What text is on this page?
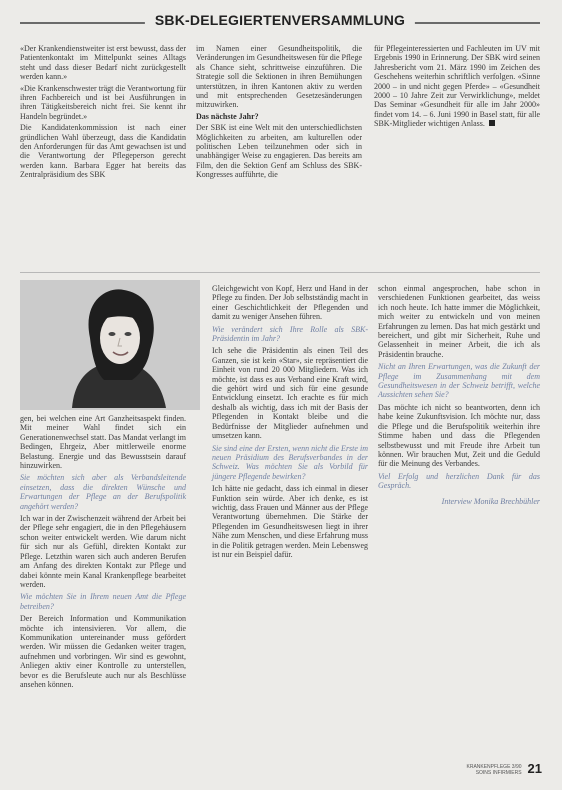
SBK-DELEGIERTENVERSAMMLUNG

«Der Krankendienstweiter ist erst bewusst, dass der Patientenkontakt im Mittelpunkt seines Alltags steht und dass dieser Bedarf nicht zurückgestellt werden kann.»

«Die Krankenschwester trägt die Verantwortung für ihren Fachbereich und ist bei Ausführungen in ihren Tätigkeitsbereich nicht frei. Sie kennt ihr Handeln begründet.»

Die Kandidatenkommission ist nach einer gründlichen Wahl überzeugt, dass die Kandidatin den Anforderungen für das Amt gewachsen ist und die Verantwortung der Pflegeperson gerecht werden kann. Barbara Egger hat bereits das Zentralpräsidium des SBK

im Namen einer Gesundheitspolitik, die Veränderungen im Gesundheitswesen für die Pflege als Chance sieht, schrittweise einzuführen. Die Strategie soll die Sektionen in ihren Bemühungen unterstützen, in ihren Kantonen aktiv zu werden und mit entsprechenden Gesetzesänderungen mitzuwirken.

Das nächste Jahr?

Der SBK ist eine Welt mit den unterschiedlichsten Möglichkeiten zu arbeiten, am kulturellen oder politischen Leben teilzunehmen oder sich in unabhängiger Weise zu engagieren. Das bereits am Film, den die Sektion Genf am Schluss des SBK-Kongresses aufführte, die

für Pflegeinteressierten und Fachleuten im UV mit Ergebnis 1990 in Erinnerung. Der SBK wird seinen Jahresbericht vom 21. März 1990 im Zeichen des Geschehens weiterhin schriftlich verfolgen. «Sinne 2000 – in und nicht gegen Pferde» – «Gesundheit 2000 – 10 Jahre Zeit zur Verwirklichung», meldet Das Seminar «Gesundheit für alle im Jahr 2000» findet vom 14. – 6. Juni 1990 in Basel statt, für alle SBK-Mitglieder wichtigen Anlass.

gen, bei welchen eine Art Ganzheitsaspekt finden. Mit meiner Wahl findet sich ein Generationenwechsel statt. Das Mandat verlangt im Bedingen, Ehrgeiz, Aber mittlerweile enorme Belastung. Energie und das Bewusstsein darauf hinzuwirken.

Sie möchten sich aber als Verbandsleitende einsetzen, dass die direkten Wünsche und Erwartungen der Pflege an der Berufspolitik angehört werden?

Ich war in der Zwischenzeit während der Arbeit bei der Pflege sehr engagiert, die in den Pflegehäusern schon weiter entwickelt werden. Wie darum nicht für sich nur als Gefühl, direkten Kontakt zur Pflege. Letzthin waren sich auch anderen Berufen am Anfang des direkten Kontakt zur Pflege und dabei könnte mein Kanal Krankenpflege bearbeitet werden.

Wie möchten Sie in Ihrem neuen Amt die Pflege betreiben?

Der Bereich Information und Kommunikation möchte ich intensivieren. Vor allem, die Kommunikation untereinander muss gefördert werden. Wir müssen die Gedanken weiter tragen, aufnehmen und vorbringen. Wir sind es gewohnt, Anliegen aktiv einer Kontrolle zu unterstellen, bevor es die Berufsleute auch nur als Beschlüsse ansehen können.

Gleichgewicht von Kopf, Herz und Hand in der Pflege zu finden. Der Job selbstständig macht in einer Geschichtlichkeit der Pflegenden und damit zu weniger Ansehen führen.

Wie verändert sich Ihre Rolle als SBK-Präsidentin im Jahr?

Ich sehe die Präsidentin als einen Teil des Ganzen, sie ist kein «Star», sie repräsentiert die Einheit von rund 20 000 Mitgliedern. Was ich möchte, ist dass es aus Verband eine Kraft wird, die gehört wird und sich für eine gesunde Entwicklung einsetzt. Ich erachte es für mich deshalb als wichtig, dass ich mit der Basis der Pflegenden in Kontakt bleibe und die Bedürfnisse der Mitglieder aufnehmen und umsetzen kann.

Sie sind eine der Ersten, wenn nicht die Erste im neuen Präsidium des Berufsverbandes in der Schweiz. Was möchten Sie als Vorbild für jüngere Pflegende bewirken?

Ich hätte nie gedacht, dass ich einmal in dieser Funktion sein würde. Aber ich denke, es ist wichtig, dass Frauen und Männer aus der Pflege Verantwortung übernehmen. Die Stärke der Pflegenden im Gesundheitswesen liegt in ihrer Nähe zum Menschen, und diese Erfahrung muss in die Politik getragen werden. Mein Lebensweg ist nur ein Beispiel dafür.

schon einmal angesprochen, habe schon in verschiedenen Funktionen gearbeitet, das weiss ich noch heute. Ich hatte immer die Möglichkeit, mich weiter zu entwickeln und von meinen Erfahrungen zu lernen. Das hat mich gestärkt und bereichert, und gibt mir Sicherheit, Ruhe und Gelassenheit in meiner Arbeit, die ich als Präsidentin brauche.

Nicht an Ihren Erwartungen, was die Zukunft der Pflege im Zusammenhang mit dem Gesundheitswesen in der Schweiz betrifft, welche Aussichten sehen Sie?

Das möchte ich nicht so beantworten, denn ich habe keine Zukunftsvision. Ich möchte nur, dass die Pflege und die Berufspolitik weiterhin ihre Stimme haben und dass die Pflegenden selbstbewusst und mit Freude ihre Arbeit tun können. Wir brauchen Mut, Zeit und die Geduld für die Meinung des Verbandes.

Viel Erfolg und herzlichen Dank für das Gespräch.

Interview Monika Brechbühler

KRANKENPFLEGE 3/90
SOINS INFIRMIERS 21
